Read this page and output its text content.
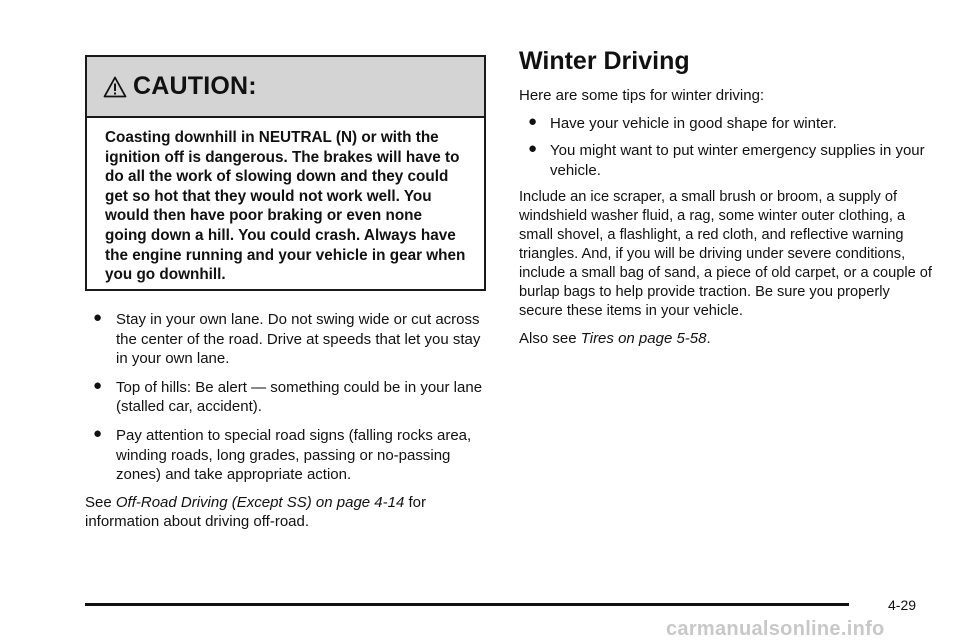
CAUTION:
Coasting downhill in NEUTRAL (N) or with the ignition off is dangerous. The brakes will have to do all the work of slowing down and they could get so hot that they would not work well. You would then have poor braking or even none going down a hill. You could crash. Always have the engine running and your vehicle in gear when you go downhill.
● Stay in your own lane. Do not swing wide or cut across the center of the road. Drive at speeds that let you stay in your own lane.
● Top of hills: Be alert — something could be in your lane (stalled car, accident).
● Pay attention to special road signs (falling rocks area, winding roads, long grades, passing or no-passing zones) and take appropriate action.
See Off-Road Driving (Except SS) on page 4-14 for information about driving off-road.
Winter Driving

Here are some tips for winter driving:

● Have your vehicle in good shape for winter.
● You might want to put winter emergency supplies in your vehicle.

Include an ice scraper, a small brush or broom, a supply of windshield washer fluid, a rag, some winter outer clothing, a small shovel, a flashlight, a red cloth, and reflective warning triangles. And, if you will be driving under severe conditions, include a small bag of sand, a piece of old carpet, or a couple of burlap bags to help provide traction. Be sure you properly secure these items in your vehicle.

Also see Tires on page 5-58.

4-29
carmanualsonline.info
